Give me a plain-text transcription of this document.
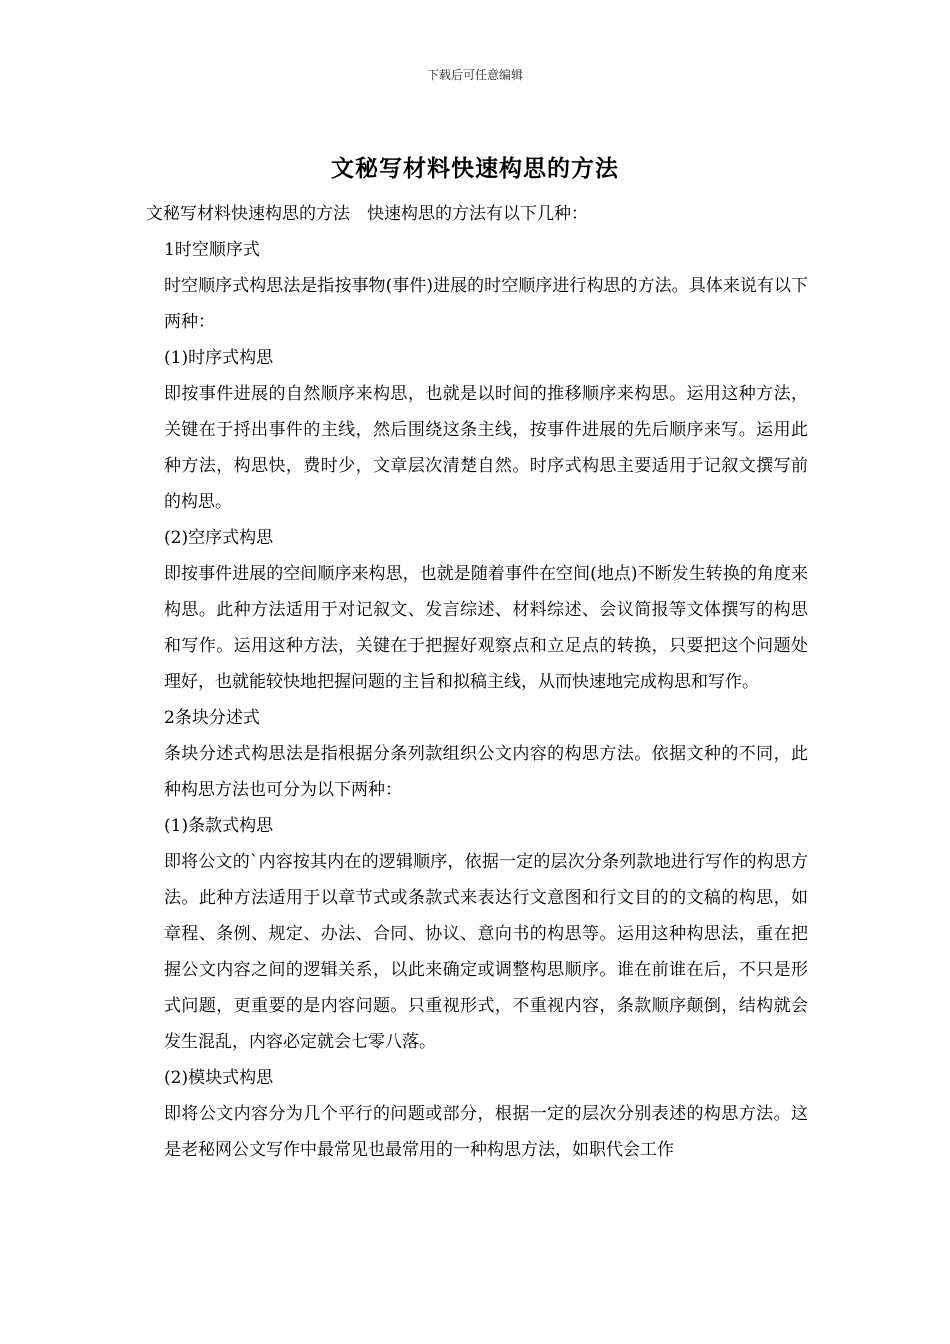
下载后可任意编辑
文秘写材料快速构思的方法

文秘写材料快速构思的方法　快速构思的方法有以下几种：

1时空顺序式

时空顺序式构思法是指按事物(事件)进展的时空顺序进行构思的方法。具体来说有以下两种：

(1)时序式构思

即按事件进展的自然顺序来构思，也就是以时间的推移顺序来构思。运用这种方法，关键在于捋出事件的主线，然后围绕这条主线，按事件进展的先后顺序来写。运用此种方法，构思快，费时少，文章层次清楚自然。时序式构思主要适用于记叙文撰写前的构思。

(2)空序式构思

即按事件进展的空间顺序来构思，也就是随着事件在空间(地点)不断发生转换的角度来构思。此种方法适用于对记叙文、发言综述、材料综述、会议简报等文体撰写的构思和写作。运用这种方法，关键在于把握好观察点和立足点的转换，只要把这个问题处理好，也就能较快地把握问题的主旨和拟稿主线，从而快速地完成构思和写作。

2条块分述式

条块分述式构思法是指根据分条列款组织公文内容的构思方法。依据文种的不同，此种构思方法也可分为以下两种：

(1)条款式构思

即将公文的`内容按其内在的逻辑顺序，依据一定的层次分条列款地进行写作的构思方法。此种方法适用于以章节式或条款式来表达行文意图和行文目的的文稿的构思，如章程、条例、规定、办法、合同、协议、意向书的构思等。运用这种构思法，重在把握公文内容之间的逻辑关系，以此来确定或调整构思顺序。谁在前谁在后，不只是形式问题，更重要的是内容问题。只重视形式，不重视内容，条款顺序颠倒，结构就会发生混乱，内容必定就会七零八落。

(2)模块式构思

即将公文内容分为几个平行的问题或部分，根据一定的层次分别表述的构思方法。这是老秘网公文写作中最常见也最常用的一种构思方法，如职代会工作
